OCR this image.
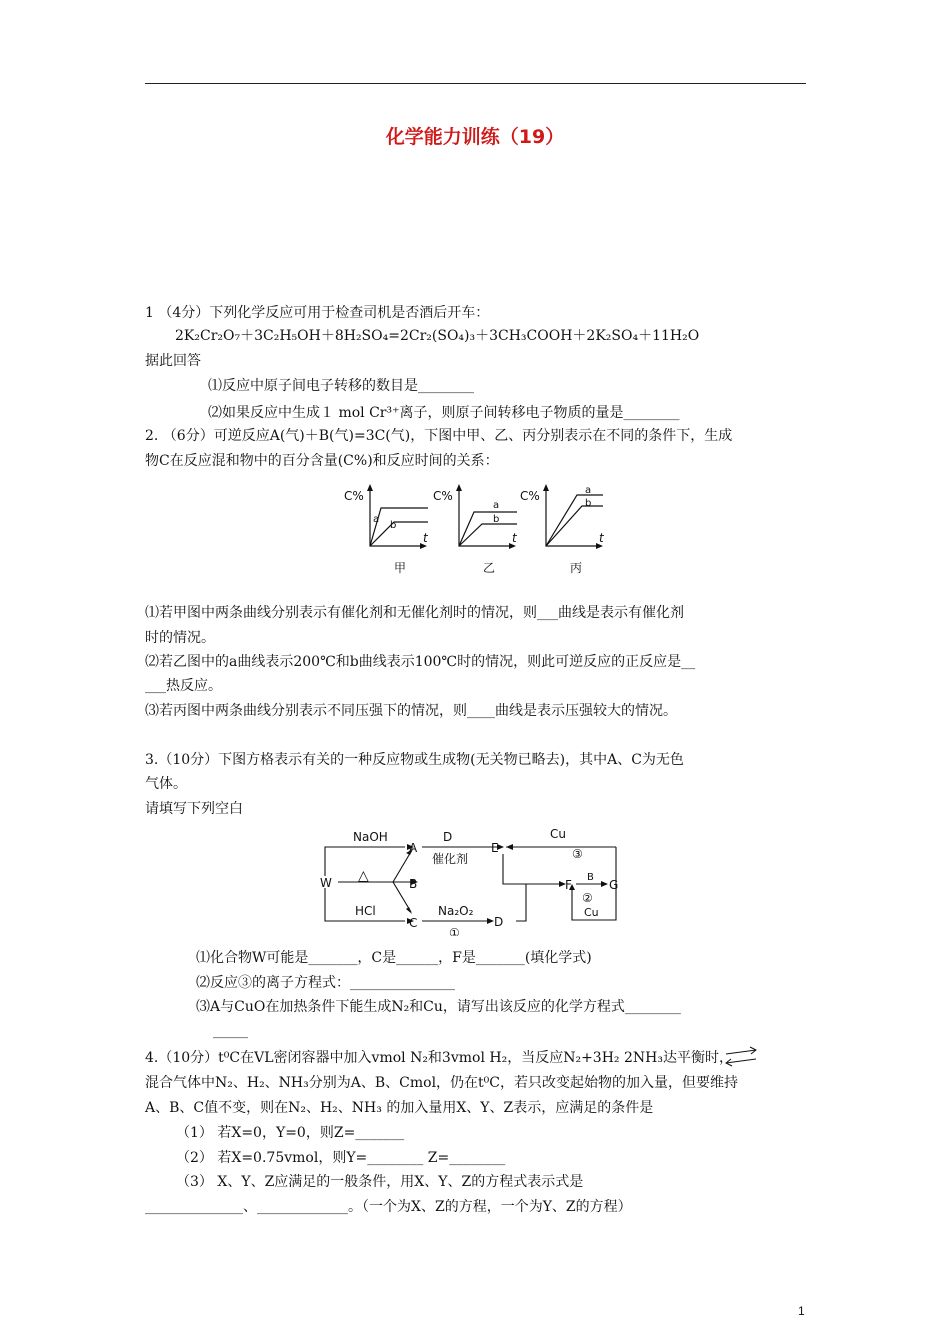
化学能力训练（19）
1 （4分）下列化学反应可用于检查司机是否酒后开车：
2K₂Cr₂O₇＋3C₂H₅OH＋8H₂SO₄=2Cr₂(SO₄)₃＋3CH₃COOH＋2K₂SO₄＋11H₂O
据此回答
⑴反应中原子间电子转移的数目是________
⑵如果反应中生成１ mol Cr³⁺离子，则原子间转移电子物质的量是________
2. （6分）可逆反应A(气)＋B(气)=3C(气)，下图中甲、乙、丙分别表示在不同的条件下，生成
物C在反应混和物中的百分含量(C%)和反应时间的关系：
C%
t
a
b
C%
t
a
b
C%
t
a
b
甲	乙	丙
⑴若甲图中两条曲线分别表示有催化剂和无催化剂时的情况，则___曲线是表示有催化剂
时的情况。
⑵若乙图中的a曲线表示200℃和b曲线表示100℃时的情况，则此可逆反应的正反应是__
___热反应。
⑶若丙图中两条曲线分别表示不同压强下的情况，则____曲线是表示压强较大的情况。
3.（10分）下图方格表示有关的一种反应物或生成物(无关物已略去)，其中A、C为无色
气体。
请填写下列空白
NaOH
△
HCl
W
A
B
C
D
催化剂
Na₂O₂
①
E
D
Cu
③
F
B
②
G
Cu
⑴化合物W可能是_______，C是______，F是_______(填化学式)
⑵反应③的离子方程式：_______________
⑶A与CuO在加热条件下能生成N₂和Cu，请写出该反应的化学方程式________
_____
4.（10分）t⁰C在VL密闭容器中加入vmol N₂和3vmol H₂，当反应N₂+3H₂ 2NH₃达平衡时，
混合气体中N₂、H₂、NH₃分别为A、B、Cmol，仍在t⁰C，若只改变起始物的加入量，但要维持
A、B、C值不变，则在N₂、H₂、NH₃ 的加入量用X、Y、Z表示，应满足的条件是
（1） 若X=0，Y=0，则Z=_______
（2） 若X=0.75vmol，则Y=________ Z=________
（3） X、Y、Z应满足的一般条件，用X、Y、Z的方程式表示式是
______________、_____________。（一个为X、Z的方程，一个为Y、Z的方程）
1
